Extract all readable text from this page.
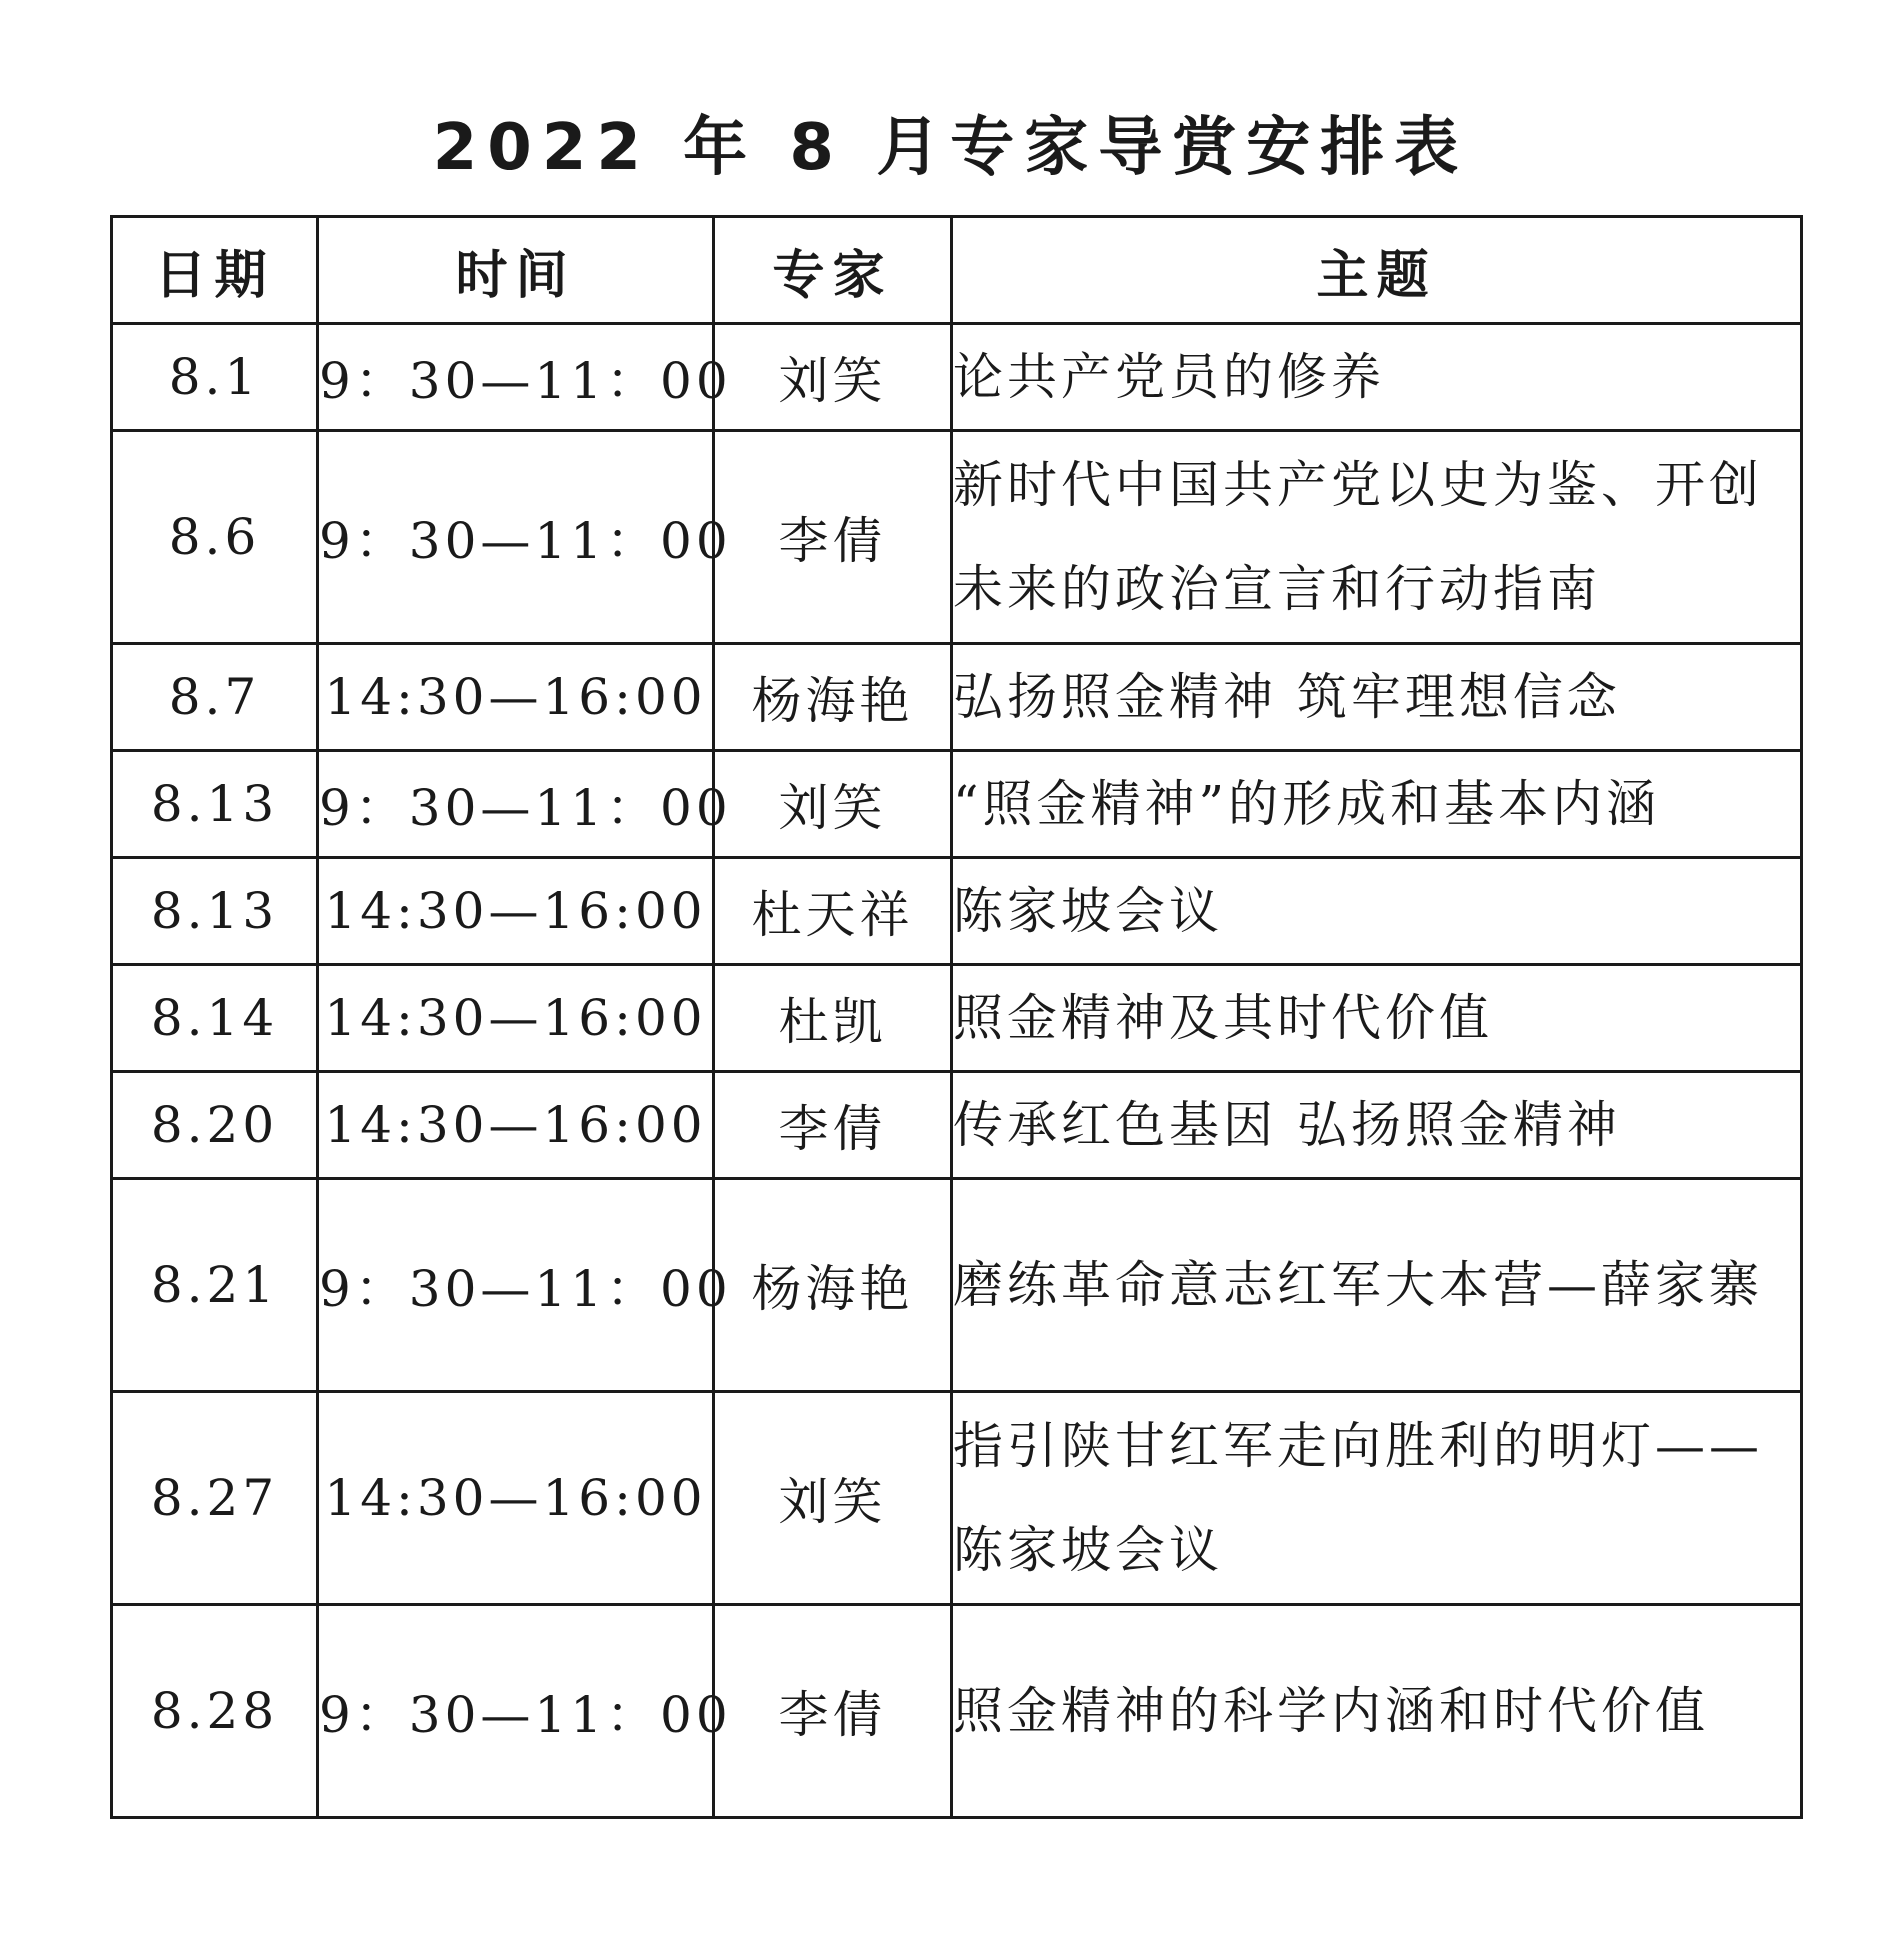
2022 年 8 月专家导赏安排表
日期	时间	专家	主题
8.1	9：30—11：00	刘笑	论共产党员的修养
8.6	9：30—11：00	李倩	新时代中国共产党以史为鉴、开创未来的政治宣言和行动指南
8.7	14:30—16:00	杨海艳	弘扬照金精神 筑牢理想信念
8.13	9：30—11：00	刘笑	“照金精神”的形成和基本内涵
8.13	14:30—16:00	杜天祥	陈家坡会议
8.14	14:30—16:00	杜凯	照金精神及其时代价值
8.20	14:30—16:00	李倩	传承红色基因 弘扬照金精神
8.21	9：30—11：00	杨海艳	磨练革命意志红军大本营—薛家寨
8.27	14:30—16:00	刘笑	指引陕甘红军走向胜利的明灯——陈家坡会议
8.28	9：30—11：00	李倩	照金精神的科学内涵和时代价值
